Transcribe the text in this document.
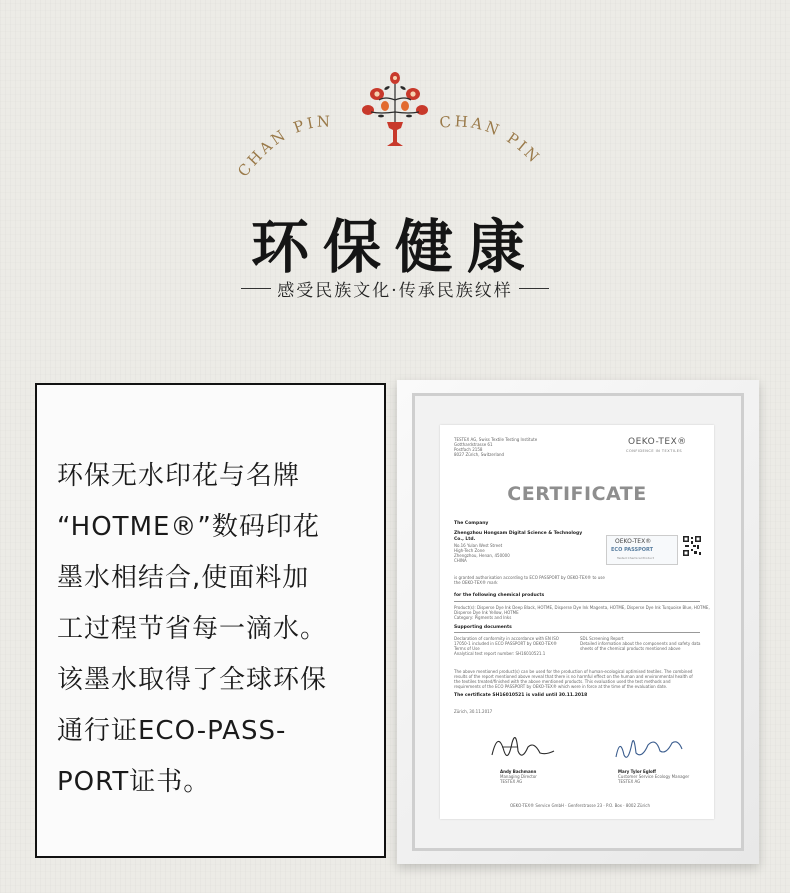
CHAN PIN	CHAN PIN
环保健康
感受民族文化·传承民族纹样
环保无水印花与名牌
“HOTME®”数码印花
墨水相结合,使面料加
工过程节省每一滴水。
该墨水取得了全球环保
通行证ECO-PASS-
PORT证书。
TESTEX AG, Swiss Textile Testing Institute
Gotthardstrasse 61
Postfach 2158
8027 Zürich, Switzerland
OEKO-TEX®
CONFIDENCE IN TEXTILES
CERTIFICATE
The Company
Zhengzhou Hongsam Digital Science & Technology
Co., Ltd.
No.16 Yulan West Street
High-Tech Zone
Zhengzhou, Henan, 450000
CHINA
OEKO-TEX®
ECO PASSPORT
Tested Chemical Product
is granted authorisation according to ECO PASSPORT by OEKO-TEX® to use
the OEKO-TEX® mark
for the following chemical products
Product(s): Disperse Dye Ink Deep Black, HOTME, Disperse Dye Ink Magenta, HOTME, Disperse Dye Ink Turquoise Blue, HOTME,
Disperse Dye Ink Yellow, HOTME
Category: Pigments and Inks
Supporting documents
Declaration of conformity in accordance with EN ISO
17050-1 included in ECO PASSPORT by OEKO-TEX®
Terms of Use
Analytical test report number: SH16010521.1
SDL Screening Report
Detailed information about the components and safety data
sheets of the chemical products mentioned above
The above mentioned product(s) can be used for the production of human-ecological optimised textiles. The combined
results of the report mentioned above reveal that there is no harmful effect on the human and environmental health of
the textiles treated/finished with the above mentioned products. This evaluation used the test methods and
requirements of the ECO PASSPORT by OEKO-TEX® which were in force at the time of the evaluation date.
The certificate SH16010521 is valid until 30.11.2018
Zürich, 30.11.2017
Andy Bachmann
Managing Director
TESTEX AG
Mary Tylor Egloff
Customer Service Ecology Manager
TESTEX AG
OEKO-TEX® Service GmbH · Genferstrasse 23 · P.O. Box · 8002 Zürich
